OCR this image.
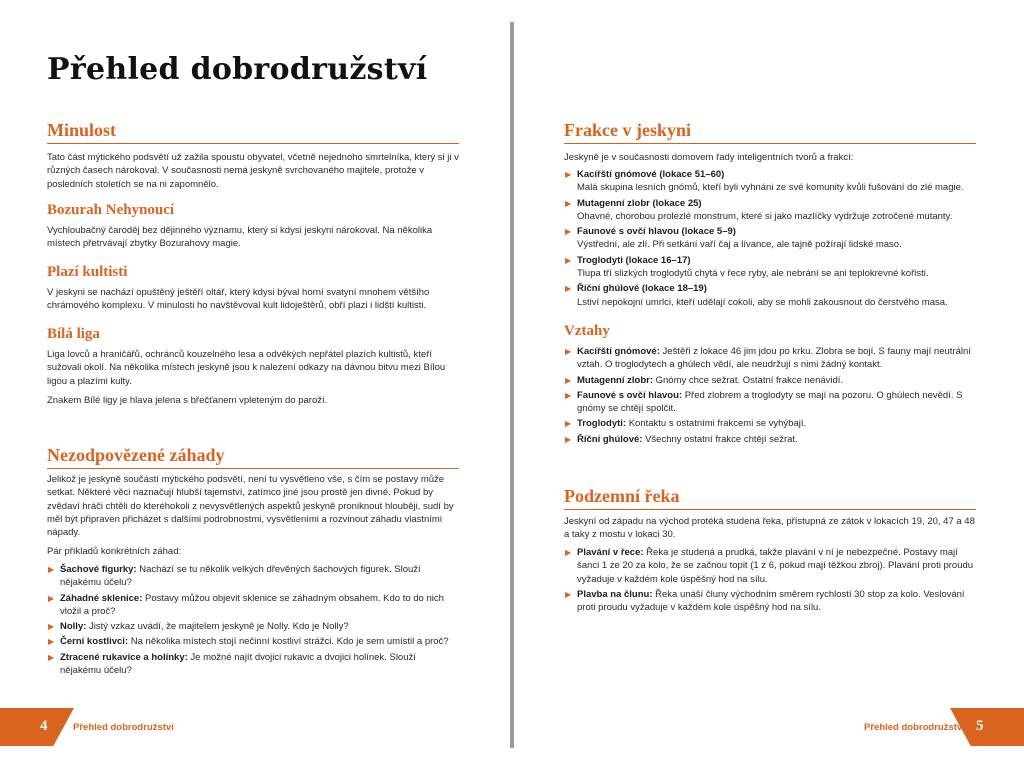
Přehled dobrodružství
Minulost

Tato část mýtického podsvětí už zažila spoustu obyvatel, včetně nejednoho smrtelníka, který si ji v různých časech nárokoval. V současnosti nemá jeskyně svrchovaného majitele, protože v posledních stoletích se na ni zapomnělo.

Bozurah Nehynoucí

Vychloubačný čaroděj bez dějinného významu, který si kdysi jeskyni nárokoval. Na několika místech přetrvávají zbytky Bozurahovy magie.

Plazí kultisti

V jeskyni se nachází opuštěný ještěří oltář, který kdysi býval horní svatyní mnohem většího chrámového komplexu. V minulosti ho navštěvoval kult lidoještěrů, obří plazi i lidští kultisti.

Bílá liga

Liga lovců a hraničářů, ochránců kouzelného lesa a odvěkých nepřátel plazích kultistů, kteří sužovali okolí. Na několika místech jeskyně jsou k nalezení odkazy na dávnou bitvu mezi Bílou ligou a plazími kulty.

Znakem Bílé ligy je hlava jelena s břečťanem vpleteným do paroží.

Nezodpovězené záhady

Jelikož je jeskyně součástí mýtického podsvětí, není tu vysvětleno vše, s čím se postavy může setkat. Některé věci naznačují hlubší tajemství, zatímco jiné jsou prostě jen divné. Pokud by zvědaví hráči chtěli do kteréhokoli z nevysvětlených aspektů jeskyně proniknout hlouběji, sudí by měl být připraven přicházet s dalšími podrobnostmi, vysvětleními a rozvinout záhadu vlastními nápady.

Pár příkladů konkrétních záhad:

▶ Šachové figurky: Nachází se tu několik velkých dřevěných šachových figurek. Slouží nějakému účelu?
▶ Záhadné sklenice: Postavy můžou objevit sklenice se záhadným obsahem. Kdo to do nich vložil a proč?
▶ Nolly: Jistý vzkaz uvádí, že majitelem jeskyně je Nolly. Kdo je Nolly?
▶ Černí kostlivci: Na několika místech stojí nečinní kostliví strážci. Kdo je sem umístil a proč?
▶ Ztracené rukavice a holínky: Je možné najít dvojici rukavic a dvojici holínek. Slouží nějakému účelu?
4	Přehled dobrodružství
Frakce v jeskyni

Jeskyně je v současnosti domovem řady inteligentních tvorů a frakcí:

▶ Kacířští gnómové (lokace 51–60)
Malá skupina lesních gnómů, kteří byli vyhnáni ze své komunity kvůli fušování do zlé magie.
▶ Mutagenní zlobr (lokace 25)
Ohavné, chorobou prolezlé monstrum, které si jako mazlíčky vydržuje zotročené mutanty.
▶ Faunové s ovčí hlavou (lokace 5–9)
Výstřední, ale zlí. Při setkání vaří čaj a lívance, ale tajně požírají lidské maso.
▶ Troglodyti (lokace 16–17)
Tlupa tří slizkých troglodytů chytá v řece ryby, ale nebrání se ani teplokrevné kořisti.
▶ Říční ghúlové (lokace 18–19)
Lstiví nepokojní umrlci, kteří udělají cokoli, aby se mohli zakousnout do čerstvého masa.
Vztahy
▶ Kacířští gnómové: Ještěři z lokace 46 jim jdou po krku. Zlobra se bojí. S fauny mají neutrální vztah. O troglodytech a ghúlech vědí, ale neudržují s nimi žádný kontakt.
▶ Mutagenní zlobr: Gnómy chce sežrat. Ostatní frakce nenávidí.
▶ Faunové s ovčí hlavou: Před zlobrem a troglodyty se mají na pozoru. O ghúlech nevědí. S gnómy se chtějí spolčit.
▶ Troglodyti: Kontaktu s ostatními frakcemi se vyhýbají.
▶ Říční ghúlové: Všechny ostatní frakce chtějí sežrat.
Podzemní řeka

Jeskyní od západu na východ protéká studená řeka, přístupná ze zátok v lokacích 19, 20, 47 a 48 a taky z mostu v lokaci 30.

▶ Plavání v řece: Řeka je studená a prudká, takže plavání v ní je nebezpečné. Postavy mají šanci 1 ze 20 za kolo, že se začnou topit (1 z 6, pokud mají těžkou zbroj). Plavání proti proudu vyžaduje v každém kole úspěšný hod na sílu.
▶ Plavba na člunu: Řeka unáší čluny východním směrem rychlostí 30 stop za kolo. Veslování proti proudu vyžaduje v každém kole úspěšný hod na sílu.
5
Přehled dobrodružství
